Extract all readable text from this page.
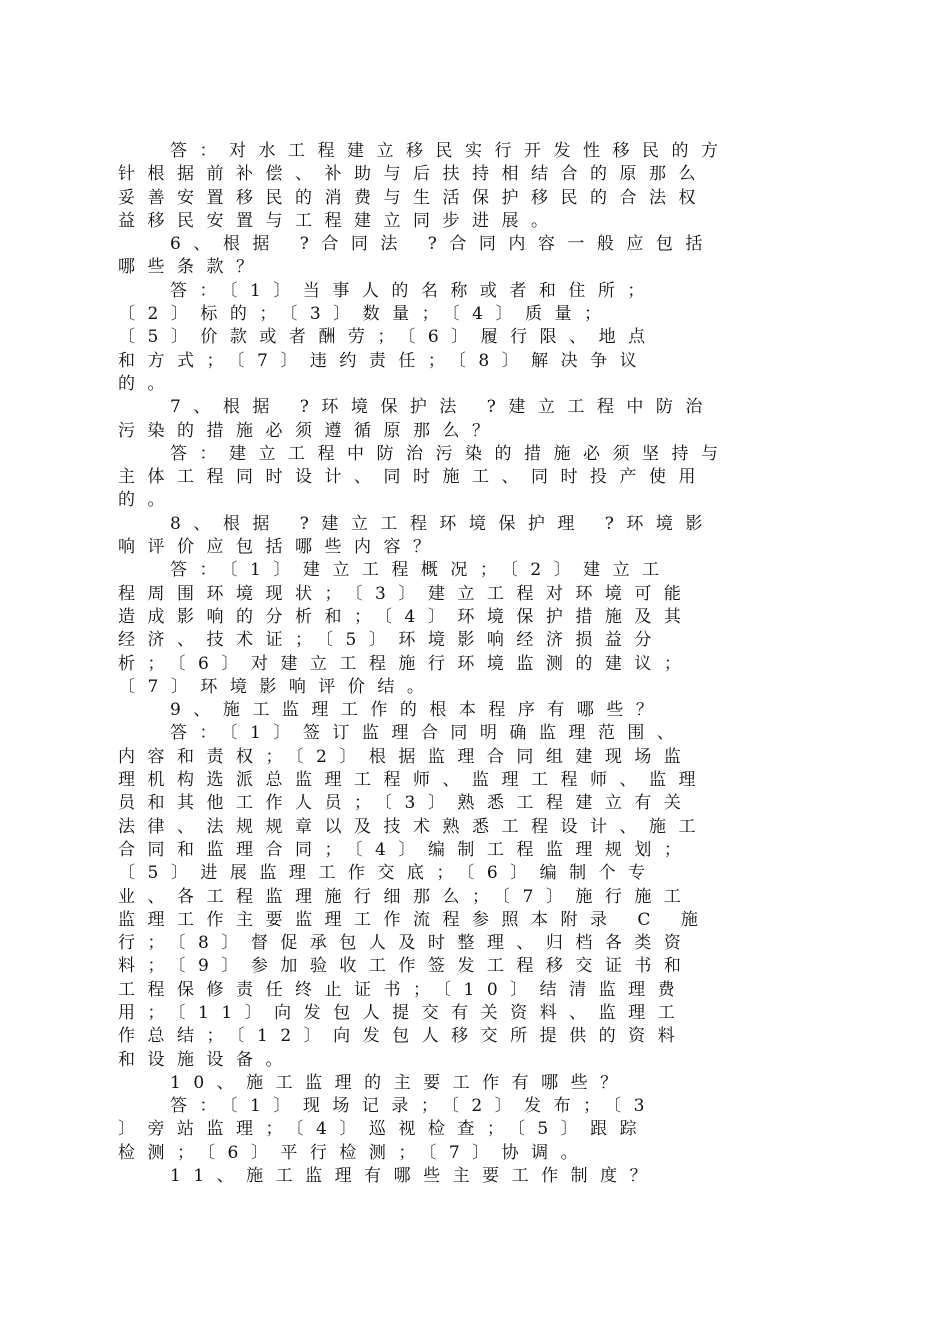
答：对水工程建立移民实行开发性移民的方
针根据前补偿、补助与后扶持相结合的原那么
妥善安置移民的消费与生活保护移民的合法权
益移民安置与工程建立同步进展。
6、根据 ?合同法 ?合同内容一般应包括
哪些条款？
答：〔1〕当事人的名称或者和住所；
〔2〕标的；〔3〕数量；〔4〕质量；
〔5〕价款或者酬劳；〔6〕履行限、地点
和方式；〔7〕违约责任；〔8〕解决争议
的。
7、根据 ?环境保护法 ?建立工程中防治
污染的措施必须遵循原那么？
答：建立工程中防治污染的措施必须坚持与
主体工程同时设计、同时施工、同时投产使用
的。
8、根据 ?建立工程环境保护理 ?环境影
响评价应包括哪些内容？
答：〔1〕建立工程概况；〔2〕建立工
程周围环境现状；〔3〕建立工程对环境可能
造成影响的分析和；〔4〕环境保护措施及其
经济、技术证；〔5〕环境影响经济损益分
析；〔6〕对建立工程施行环境监测的建议；
〔7〕环境影响评价结。
9、施工监理工作的根本程序有哪些？
答：〔1〕签订监理合同明确监理范围、
内容和责权；〔2〕根据监理合同组建现场监
理机构选派总监理工程师、监理工程师、监理
员和其他工作人员；〔3〕熟悉工程建立有关
法律、法规规章以及技术熟悉工程设计、施工
合同和监理合同；〔4〕编制工程监理规划；
〔5〕进展监理工作交底；〔6〕编制个专
业、各工程监理施行细那么；〔7〕施行施工
监理工作主要监理工作流程参照本附录 C 施
行；〔8〕督促承包人及时整理、归档各类资
料；〔9〕参加验收工作签发工程移交证书和
工程保修责任终止证书；〔10〕结清监理费
用；〔11〕向发包人提交有关资料、监理工
作总结；〔12〕向发包人移交所提供的资料
和设施设备。
10、施工监理的主要工作有哪些？
答：〔1〕现场记录；〔2〕发布；〔3
〕旁站监理；〔4〕巡视检查；〔5〕跟踪
检测；〔6〕平行检测；〔7〕协调。
11、施工监理有哪些主要工作制度？
